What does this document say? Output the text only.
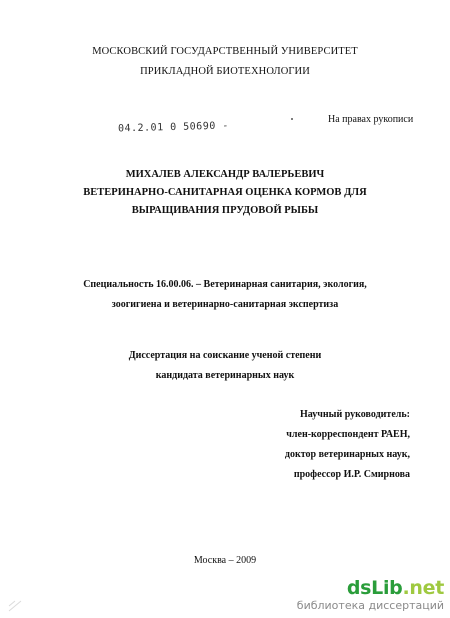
МОСКОВСКИЙ ГОСУДАРСТВЕННЫЙ УНИВЕРСИТЕТ
ПРИКЛАДНОЙ БИОТЕХНОЛОГИИ
04.2.01 0 50690 -
На правах рукописи
МИХАЛЕВ АЛЕКСАНДР ВАЛЕРЬЕВИЧ
ВЕТЕРИНАРНО-САНИТАРНАЯ ОЦЕНКА КОРМОВ ДЛЯ
ВЫРАЩИВАНИЯ ПРУДОВОЙ РЫБЫ
Специальность 16.00.06. – Ветеринарная санитария, экология,
зоогигиена и ветеринарно-санитарная экспертиза
Диссертация на соискание ученой степени
кандидата ветеринарных наук
Научный руководитель:
член-корреспондент РАЕН,
доктор ветеринарных наук,
профессор И.Р. Смирнова
Москва – 2009
dsLib.net
библиотека диссертаций
